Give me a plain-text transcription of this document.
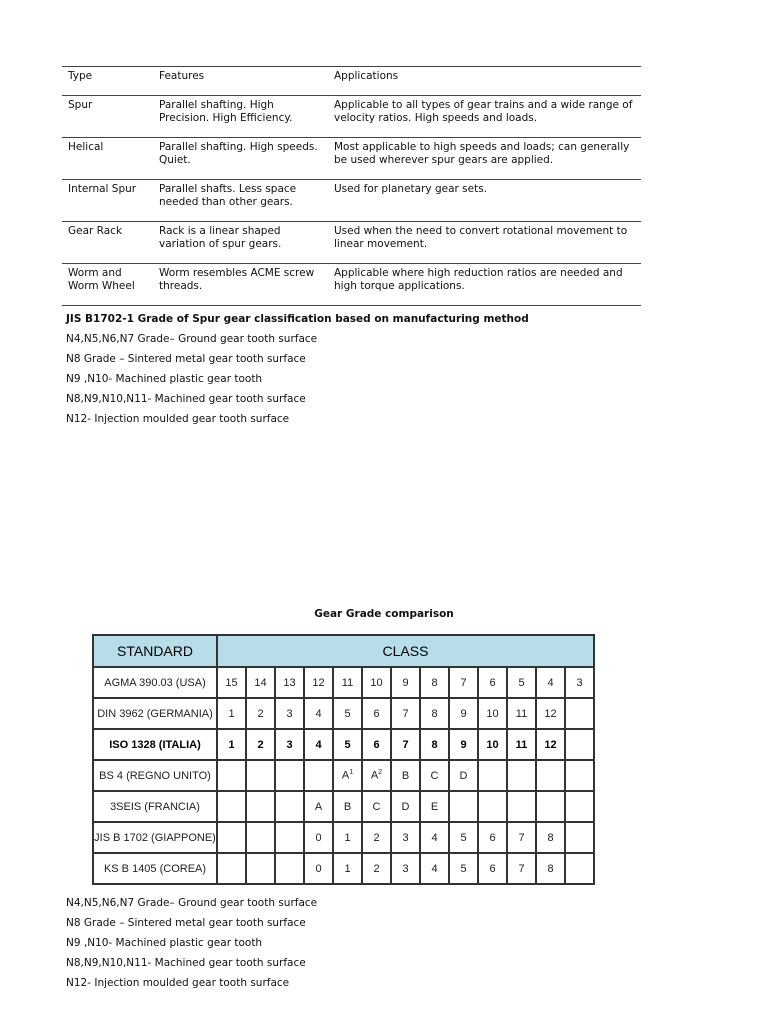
Type	Features	Applications
Spur	Parallel shafting. High Precision. High Efficiency.	Applicable to all types of gear trains and a wide range of velocity ratios. High speeds and loads.
Helical	Parallel shafting. High speeds. Quiet.	Most applicable to high speeds and loads; can generally be used wherever spur gears are applied.
Internal Spur	Parallel shafts. Less space needed than other gears.	Used for planetary gear sets.
Gear Rack	Rack is a linear shaped variation of spur gears.	Used when the need to convert rotational movement to linear movement.
Worm and Worm Wheel	Worm resembles ACME screw threads.	Applicable where high reduction ratios are needed and high torque applications.
JIS B1702-1 Grade of Spur gear classification based on manufacturing method
N4,N5,N6,N7 Grade– Ground gear tooth surface
N8 Grade – Sintered metal gear tooth surface
N9 ,N10- Machined plastic gear tooth
N8,N9,N10,N11- Machined gear tooth surface
N12- Injection moulded gear tooth surface
Gear Grade comparison
STANDARD	CLASS												
AGMA 390.03 (USA)	15	14	13	12	11	10	9	8	7	6	5	4	3
DIN 3962 (GERMANIA)	1	2	3	4	5	6	7	8	9	10	11	12	
ISO 1328 (ITALIA)	1	2	3	4	5	6	7	8	9	10	11	12	
BS 4 (REGNO UNITO)					$A^1$	$A^2$	B	C	D				
3SEIS (FRANCIA)				A	B	C	D	E					
JIS B 1702 (GIAPPONE)				0	1	2	3	4	5	6	7	8	
KS B 1405 (COREA)				0	1	2	3	4	5	6	7	8	
N4,N5,N6,N7 Grade– Ground gear tooth surface
N8 Grade – Sintered metal gear tooth surface
N9 ,N10- Machined plastic gear tooth
N8,N9,N10,N11- Machined gear tooth surface
N12- Injection moulded gear tooth surface
